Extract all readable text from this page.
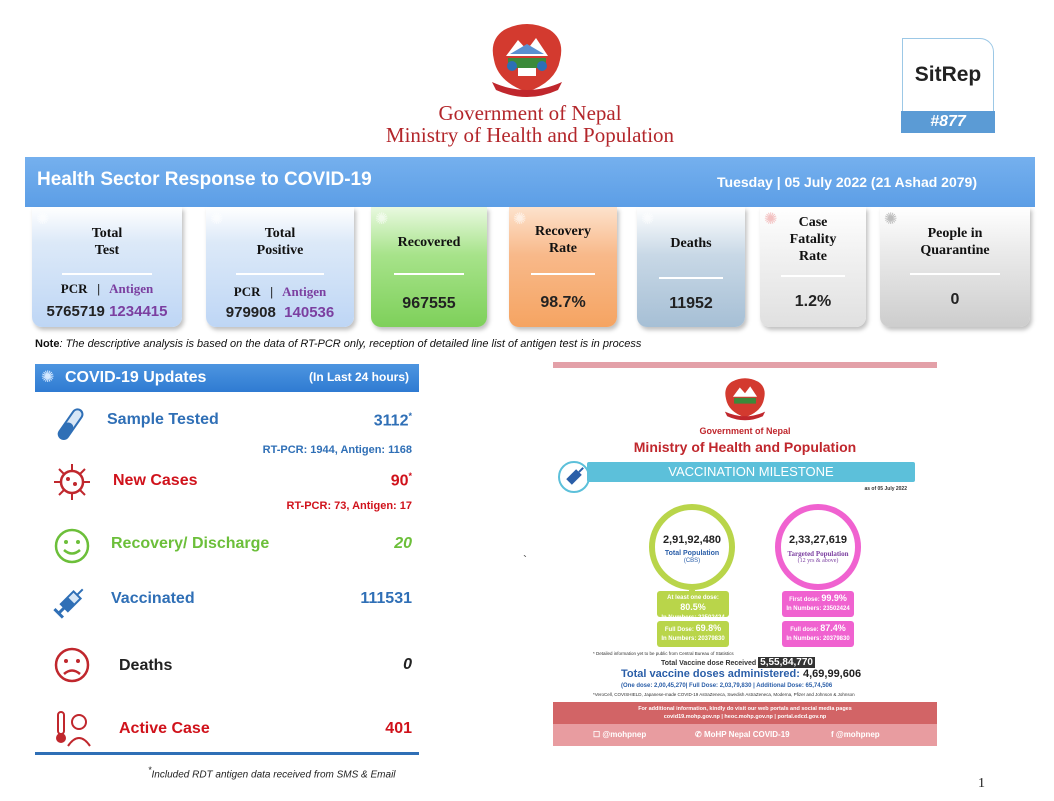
Government of Nepal
Ministry of Health and Population
SitRep
#877
Health Sector Response to COVID-19	Tuesday | 05 July 2022 (21 Ashad 2079)
✺
Total
Test
PCR | Antigen
5765719 1234415
✺
Total
Positive
PCR | Antigen
979908 140536
✺
Recovered
967555
✺
Recovery
Rate
98.7%
✺
Deaths
11952
✺	Case
Fatality
Rate
1.2%
✺
People in
Quarantine
0
Note: The descriptive analysis is based on the data of RT-PCR only, reception of detailed line list of antigen test is in process
✺ COVID-19 Updates	(In Last 24 hours)
Sample Tested	3112*
RT-PCR: 1944, Antigen: 1168
New Cases	90*
RT-PCR: 73, Antigen: 17
Recovery/ Discharge	20
Vaccinated	111531
Deaths	0
Active Case	401
*Included RDT antigen data received from SMS & Email
`
1
Government of Nepal
Ministry of Health and Population
VACCINATION MILESTONE
as of 05 July 2022
2,91,92,480
Total Population
(CBS)
At least one dose: 80.5%
In Numbers: 23502424
Full Dose: 69.8%
In Numbers: 20379830
2,33,27,619
Targeted Population
(12 yrs & above)
First dose: 99.9%
In Numbers: 23502424
Full dose: 87.4%
In Numbers: 20379830
* Detailed information yet to be public from Central Bureau of Statistics
Total Vaccine dose Received 5,55,84,770
Total vaccine doses administered: 4,69,99,606
(One dose: 2,00,45,270| Full Dose: 2,03,79,830 | Additional Dose: 65,74,506
*VeroCell, COVISHIELD, Japanese-made COVID-19 AstraZeneca, Swedish AstraZeneca, Moderna, Pfizer and Johnson & Johnson
For additional information, kindly do visit our web portals and social media pages
covid19.mohp.gov.np | heoc.mohp.gov.np | portal.edcd.gov.np
☐ @mohpnep	✆ MoHP Nepal COVID-19	f @mohpnep
